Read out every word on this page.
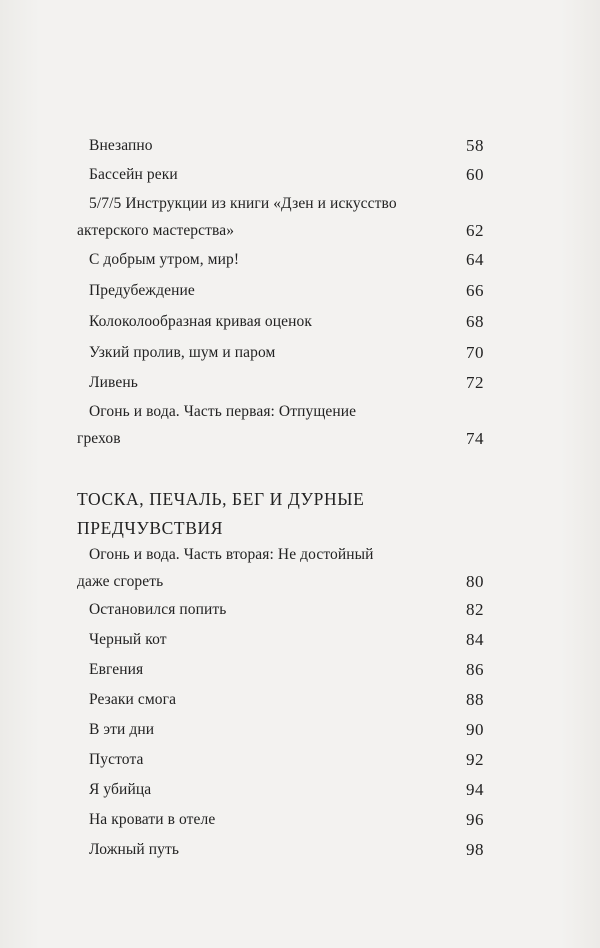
Внезапно	58
Бассейн реки	60
5/7/5 Инструкции из книги «Дзен и искусство
актерского мастерства»	62
С добрым утром, мир!	64
Предубеждение	66
Колоколообразная кривая оценок	68
Узкий пролив, шум и паром	70
Ливень	72
Огонь и вода. Часть первая: Отпущение
грехов	74
ТОСКА, ПЕЧАЛЬ, БЕГ И ДУРНЫЕ
ПРЕДЧУВСТВИЯ
Огонь и вода. Часть вторая: Не достойный
даже сгореть	80
Остановился попить	82
Черный кот	84
Евгения	86
Резаки смога	88
В эти дни	90
Пустота	92
Я убийца	94
На кровати в отеле	96
Ложный путь	98
